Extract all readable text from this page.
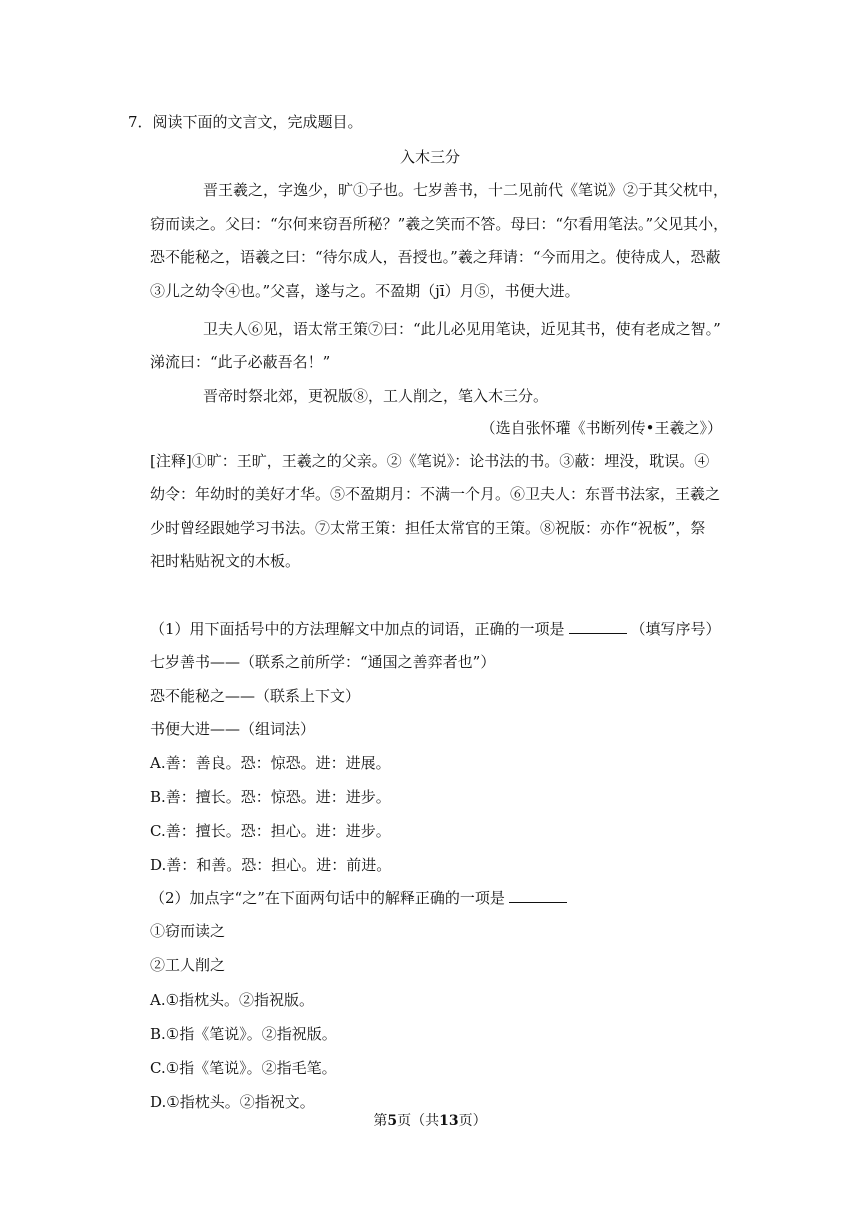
7．阅读下面的文言文，完成题目。
入木三分
晋王羲之，字逸少，旷①子也。七岁善书，十二见前代《笔说》②于其父枕中，
窃而读之。父曰：“尔何来窃吾所秘？”羲之笑而不答。母曰：“尔看用笔法。”父见其小，
恐不能秘之，语羲之曰：“待尔成人，吾授也。”羲之拜请：“今而用之。使待成人，恐蔽
③儿之幼令④也。”父喜，遂与之。不盈期（jī）月⑤，书便大进。
卫夫人⑥见，语太常王策⑦曰：“此儿必见用笔诀，近见其书，使有老成之智。”
涕流曰：“此子必蔽吾名！”
晋帝时祭北郊，更祝版⑧，工人削之，笔入木三分。
（选自张怀瓘《书断列传•王羲之》）
[注释]①旷：王旷，王羲之的父亲。②《笔说》：论书法的书。③蔽：埋没，耽误。④
幼令：年幼时的美好才华。⑤不盈期月：不满一个月。⑥卫夫人：东晋书法家，王羲之
少时曾经跟她学习书法。⑦太常王策：担任太常官的王策。⑧祝版：亦作“祝板”，祭
祀时粘贴祝文的木板。
（1）用下面括号中的方法理解文中加点的词语，正确的一项是	（填写序号）
七岁善书——（联系之前所学：“通国之善弈者也”）
恐不能秘之——（联系上下文）
书便大进——（组词法）
A.善：善良。恐：惊恐。进：进展。
B.善：擅长。恐：惊恐。进：进步。
C.善：擅长。恐：担心。进：进步。
D.善：和善。恐：担心。进：前进。
（2）加点字“之”在下面两句话中的解释正确的一项是
①窃而读之
②工人削之
A.①指枕头。②指祝版。
B.①指《笔说》。②指祝版。
C.①指《笔说》。②指毛笔。
D.①指枕头。②指祝文。
第5页（共13页）
